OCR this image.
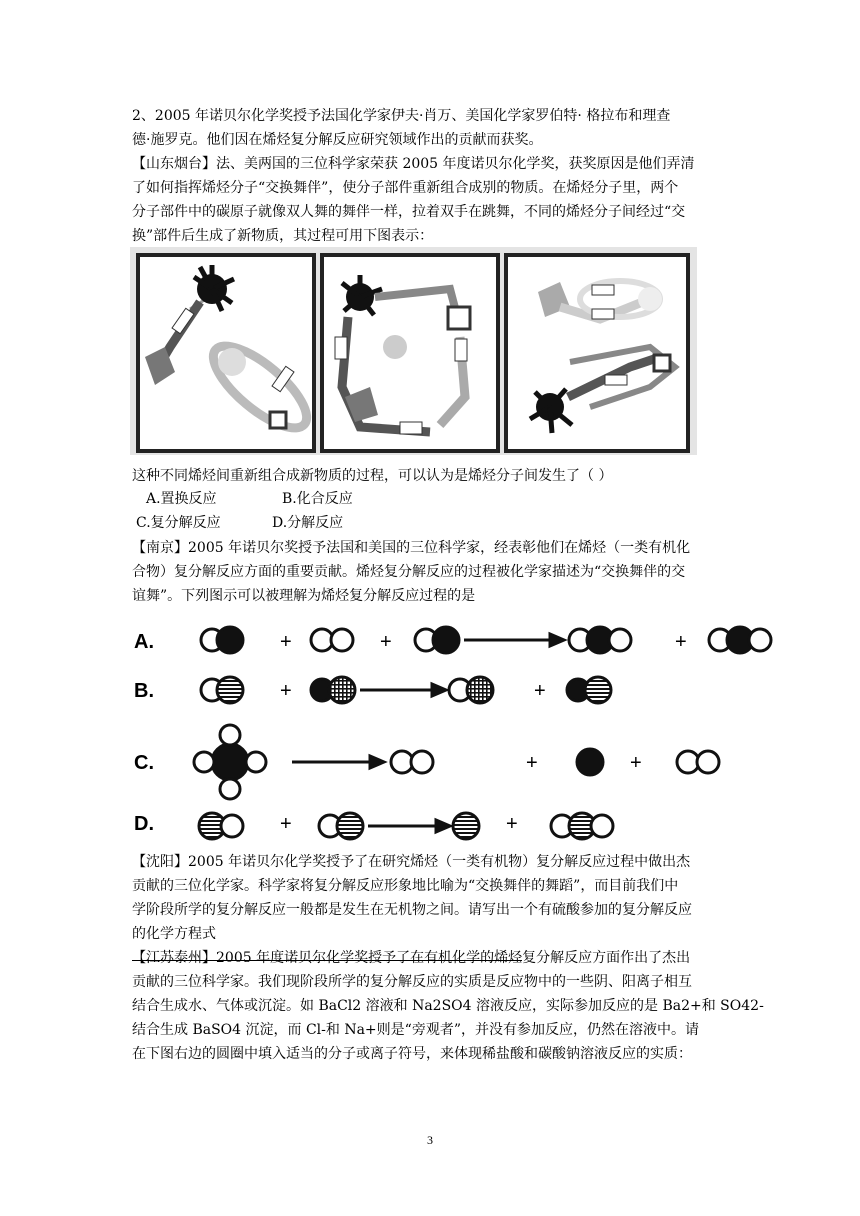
2、2005 年诺贝尔化学奖授予法国化学家伊夫·肖万、美国化学家罗伯特· 格拉布和理查
德·施罗克。他们因在烯烃复分解反应研究领域作出的贡献而获奖。
【山东烟台】法、美两国的三位科学家荣获 2005 年度诺贝尔化学奖，获奖原因是他们弄清
了如何指挥烯烃分子“交换舞伴”，使分子部件重新组合成别的物质。在烯烃分子里，两个
分子部件中的碳原子就像双人舞的舞伴一样，拉着双手在跳舞，不同的烯烃分子间经过“交
换”部件后生成了新物质，其过程可用下图表示：
这种不同烯烃间重新组合成新物质的过程，可以认为是烯烃分子间发生了（ ）
A.置换反应	B.化合反应
C.复分解反应	D.分解反应
【南京】2005 年诺贝尔奖授予法国和美国的三位科学家，经表彰他们在烯烃（一类有机化
合物）复分解反应方面的重要贡献。烯烃复分解反应的过程被化学家描述为“交换舞伴的交
谊舞”。下列图示可以被理解为烯烃复分解反应过程的是
A.
B.
C.
D.
+	+	+
+	+
+	+
+	+
【沈阳】2005 年诺贝尔化学奖授予了在研究烯烃（一类有机物）复分解反应过程中做出杰
贡献的三位化学家。科学家将复分解反应形象地比喻为“交换舞伴的舞蹈”，而目前我们中
学阶段所学的复分解反应一般都是发生在无机物之间。请写出一个有硫酸参加的复分解反应
的化学方程式
【江苏泰州】2005 年度诺贝尔化学奖授予了在有机化学的烯烃复分解反应方面作出了杰出
贡献的三位科学家。我们现阶段所学的复分解反应的实质是反应物中的一些阴、阳离子相互
结合生成水、气体或沉淀。如 BaCl2 溶液和 Na2SO4 溶液反应，实际参加反应的是 Ba2+和 SO42-
结合生成 BaSO4 沉淀，而 Cl-和 Na+则是“旁观者”，并没有参加反应，仍然在溶液中。请
在下图右边的圆圈中填入适当的分子或离子符号，来体现稀盐酸和碳酸钠溶液反应的实质：
3
